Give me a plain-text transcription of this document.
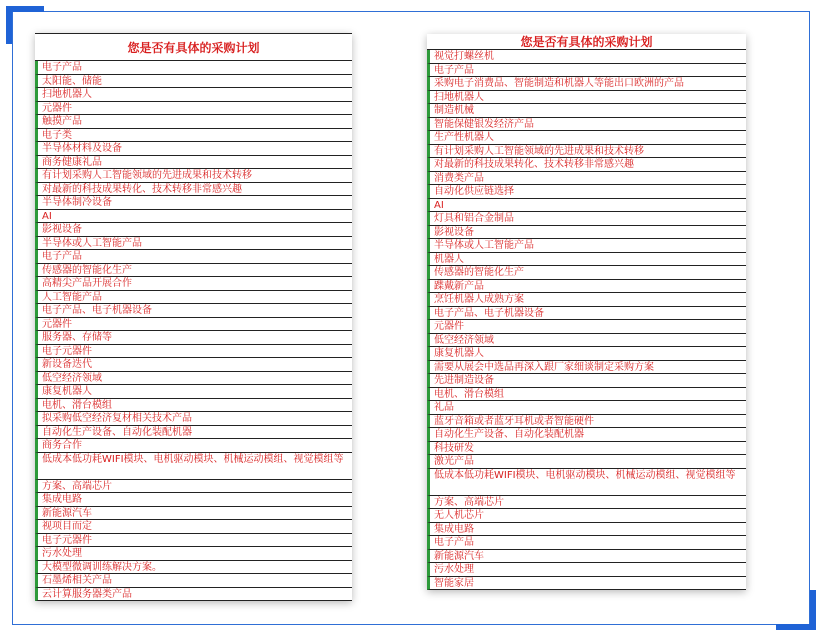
您是否有具体的采购计划
电子产品
太阳能、储能
扫地机器人
元器件
触摸产品
电子类
半导体材料及设备
商务健康礼品
有计划采购人工智能领域的先进成果和技术转移
对最新的科技成果转化、技术转移非常感兴趣
半导体制冷设备
AI
影视设备
半导体或人工智能产品
电子产品
传感器的智能化生产
高精尖产品开展合作
人工智能产品
电子产品、电子机器设备
元器件
服务器、存储等
电子元器件
新设备迭代
低空经济领域
康复机器人
电机、滑台模组
拟采购低空经济复材相关技术产品
自动化生产设备、自动化装配机器
商务合作
低成本低功耗WIFI模块、电机驱动模块、机械运动模组、视觉模组等
方案、高端芯片
集成电路
新能源汽车
视项目而定
电子元器件
污水处理
大模型微调训练解决方案。
石墨烯相关产品
云计算服务器类产品
您是否有具体的采购计划
视觉打螺丝机
电子产品
采购电子消费品、智能制造和机器人等能出口欧洲的产品
扫地机器人
制造机械
智能保健银发经济产品
生产性机器人
有计划采购人工智能领域的先进成果和技术转移
对最新的科技成果转化、技术转移非常感兴趣
消费类产品
自动化供应链选择
AI
灯具和铝合金制品
影视设备
半导体或人工智能产品
机器人
传感器的智能化生产
蹀戴新产品
烹饪机器人成熟方案
电子产品、电子机器设备
元器件
低空经济领域
康复机器人
需要从展会中选品再深入跟厂家细谈制定采购方案
先进制造设备
电机、滑台模组
礼品
蓝牙音箱或者蓝牙耳机或者智能硬件
自动化生产设备、自动化装配机器
科技研发
激光产品
低成本低功耗WIFI模块、电机驱动模块、机械运动模组、视觉模组等
方案、高端芯片
无人机芯片
集成电路
电子产品
新能源汽车
污水处理
智能家居
